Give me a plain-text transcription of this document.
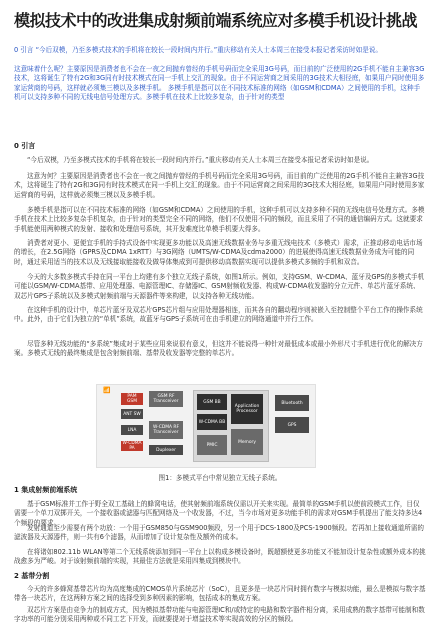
模拟技术中的改进集成射频前端系统应对多模手机设计挑战

0 引言 “今后双模，乃至多模式技术的手机将在较长一段时间内并行。”重庆移动有关人士本周三在接受本报记者采访时如是说。

这意味着什么呢？主要原因是消费者也不会在一夜之间抛弃曾经的手机号码而完全采用3G号码，而目前的广泛使用的2G手机不能自主兼容3G技术，这将诞生了特有2G和3G同有时技术模式在同一手机上交汇的现象。由于不同运营商之间采用的3G技术大相径庭，如果用户同时使用多家运营商的号码，这样就必须集三模以及多模手机。 多模手机是指可以在不同技术标准的网络（如GSM和CDMA）之间使用的手机，这种手机可以支持多种不同的无线电信号处理方式。多模手机在技术上比较多复杂，由于针对的类型

0 引言

“今后双模，乃至多模式技术的手机将在较长一段时间内并行。”重庆移动有关人士本周三在接受本报记者采访时如是说。

这意为何？主要原因是消费者也不会在一夜之间抛弃曾经的手机号码而完全采用3G号码，而目前的广泛使用的2G手机不能自主兼容3G技术，这将诞生了特有2G和3G同有时技术模式在同一手机上交汇的现象。由于不同运营商之间采用的3G技术大相径庭，如果用户同时使用多家运营商的号码，这样就必须集三模以及多模手机。

多模手机是指可以在不同技术标准的网络（如GSM和CDMA）之间使用的手机，这种手机可以支持多种不同的无线电信号处理方式。多模手机在技术上比较多复杂手机复杂，由于针对的类型完全不同的网络，他们不仅使用不同的频段，而且采用了不同的通信编码方式。这就要求手机能使用两种模式的发射、接收和处理信号系统，其开发难度比单模手机要大得多。

消费者对更小、更便宜手机的手持式设备中实现更多功能以及高速无线数据业务与多重无线电技术（多模式）需求，正推动移动电话市场的增长，在2.5G网络（GPRS及CDMA 1xRTT）与3G网络（UMTS/W-CDMA及cdma2000）的进展使得高速无线数据业务成为可能的同时，通过采用适当的技术以及无线接取能接收及做导体集成到可提供移动高数据实现可以提供多模式多频的手机和双音。

今天的大多数多模式手持在同一平台上均建有多个独立无线子系统，如图1所示。例如，支持GSM、W-CDMA、蓝牙及GPS的多模式手机可能以GSM/W-CDMA基带、应用处理器、电源管理IC、存储器IC、GSM射频收发器、构成W-CDMA收发器的分立元件、单芯片蓝牙系统、双芯片GPS子系统以及多模式射频前端与天源器件等来构建，以支持各种无线功能。

在这种手机的设计中，单芯片蓝牙及双芯片GPS芯片组与应用处理器相连，而其各自的翻动程序则被嵌入至控制整个平台工作的操作系统中。此外，由于它们为独立的“单机”系统，故蓝牙与GPS子系统可在由手机建立的网络通道中并行工作。

尽管多种无线功能的“多系统”集成对于某些应用来说很有意义，但这并不能说得一种针对最低成本或最小外形尺寸手机进行优化的解决方案。多模式无线的最终集成是包含射频前端、基带及收发器等完整的单芯片。

📶
PAM GSM
ANT SW
GSM RF Transceiver
LNA	W-CDMA RF Transceiver
W-CDMA PA	Duplexer
GSM BB
Application Processor
W-CDMA BB
PMIC
Memory
Bluetooth
GPS
图1：多模式平台中常见独立无线子系统。
1 集成射频前端系统

基于GSM标准并工作于野全双工基础上的蜂窝电话，使其射频前端系统仅需以开关来实现。最简单的GSM手机以使前段模式工作，目仅需要一个单刀双掷开关，一个接收器或滤器与匹配网络及一个收发器，不过，当今市场对更多功能手机的需求对GSM手机提出了能支持多达4个频段的要求。

发射通道至少需要有两个功放：一个用于GSM850与GSM900频段，另一个用于DCS-1800及PCS-1900频段。若再加上接收通道所需的滤波器及天源器件，则一共有6个滤器，从而增加了设计复杂性及额外的成本。

在将诸如802.11b WLAN等第二个无线系统添加到同一平台上以构成多模设备时，既超额使更多功能又不能加设计复杂性或额外成本的挑战愈多为严峻。对于该射频前端的实现，其最佳方法就是采用四集成到模块中。

2 基带分割

今天的许多蜂窝基带芯片均为高度集成的CMOS单片系统芯片（SoC），且更多是一块芯片同时拥有数字与模拟功能，最么是模拟与数字基带各一块芯片，在这两种方案之间的选择受到多种因素的影响，包括成本的集成方案。

双芯片方案是由竞争力的制成方式，因为模拟基带功能与电源管理IC和/或特定的电路和数字器件相分离，采用成熟的数字基带可能制和数字功率的可能分别采用两种或不同工艺下开发，而就要提对于增益技术等实现高效的分区的频段。
